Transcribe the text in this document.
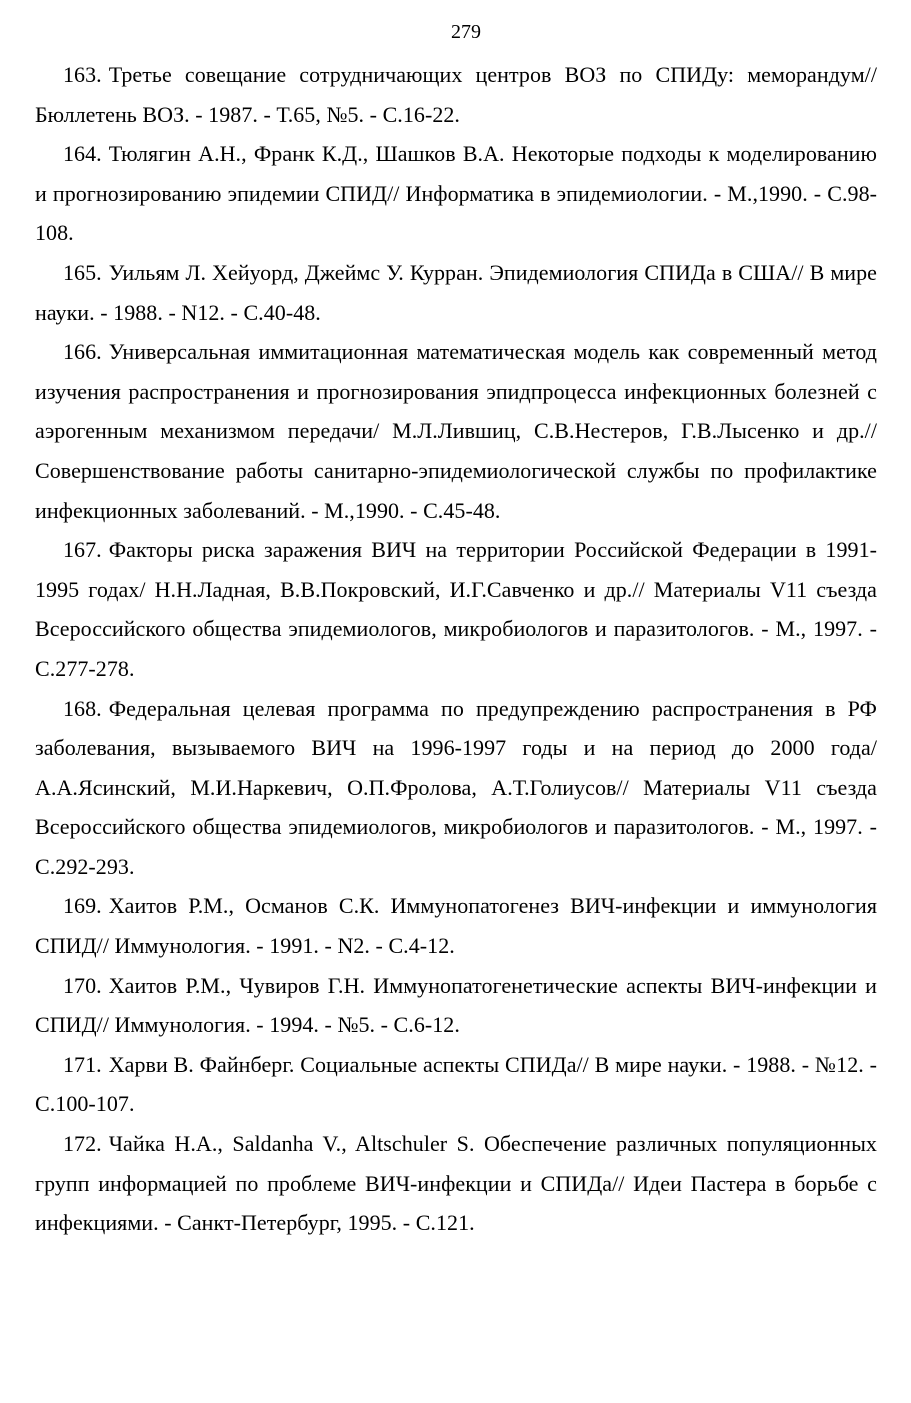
279

163. Третье совещание сотрудничающих центров ВОЗ по СПИДу: меморандум// Бюллетень ВОЗ. - 1987. - Т.65, №5. - С.16-22.

164. Тюлягин А.Н., Франк К.Д., Шашков В.А. Некоторые подходы к моделированию и прогнозированию эпидемии СПИД// Информатика в эпидемиологии. - М.,1990. - С.98-108.

165. Уильям Л. Хейуорд, Джеймс У. Курран. Эпидемиология СПИДа в США// В мире науки. - 1988. - N12. - С.40-48.

166. Универсальная иммитационная математическая модель как современный метод изучения распространения и прогнозирования эпидпроцесса инфекционных болезней с аэрогенным механизмом передачи/ М.Л.Лившиц, С.В.Нестеров, Г.В.Лысенко и др.// Совершенствование работы санитарно-эпидемиологической службы по профилактике инфекционных заболеваний. - М.,1990. - С.45-48.

167. Факторы риска заражения ВИЧ на территории Российской Федерации в 1991-1995 годах/ Н.Н.Ладная, В.В.Покровский, И.Г.Савченко и др.// Материалы V11 съезда Всероссийского общества эпидемиологов, микробиологов и паразитологов. - М., 1997. - С.277-278.

168. Федеральная целевая программа по предупреждению распространения в РФ заболевания, вызываемого ВИЧ на 1996-1997 годы и на период до 2000 года/ А.А.Ясинский, М.И.Наркевич, О.П.Фролова, А.Т.Голиусов// Материалы V11 съезда Всероссийского общества эпидемиологов, микробиологов и паразитологов. - М., 1997. - С.292-293.

169. Хаитов Р.М., Османов С.К. Иммунопатогенез ВИЧ-инфекции и иммунология СПИД// Иммунология. - 1991. - N2. - С.4-12.

170. Хаитов Р.М., Чувиров Г.Н. Иммунопатогенетические аспекты ВИЧ-инфекции и СПИД// Иммунология. - 1994. - №5. - С.6-12.

171. Харви В. Файнберг. Социальные аспекты СПИДа// В мире науки. - 1988. - №12. - С.100-107.

172. Чайка Н.А., Saldanha V., Altschuler S. Обеспечение различных популяционных групп информацией по проблеме ВИЧ-инфекции и СПИДа// Идеи Пастера в борьбе с инфекциями. - Санкт-Петербург, 1995. - С.121.
